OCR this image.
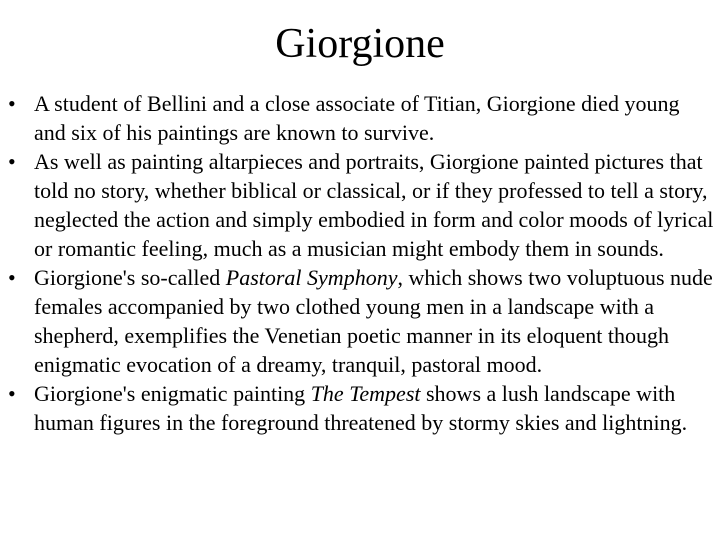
Giorgione
• A student of Bellini and a close associate of Titian, Giorgione died young and six of his paintings are known to survive.
• As well as painting altarpieces and portraits, Giorgione painted pictures that told no story, whether biblical or classical, or if they professed to tell a story, neglected the action and simply embodied in form and color moods of lyrical or romantic feeling, much as a musician might embody them in sounds.
• Giorgione's so-called Pastoral Symphony, which shows two voluptuous nude females accompanied by two clothed young men in a landscape with a shepherd, exemplifies the Venetian poetic manner in its eloquent though enigmatic evocation of a dreamy, tranquil, pastoral mood.
• Giorgione's enigmatic painting The Tempest shows a lush landscape with human figures in the foreground threatened by stormy skies and lightning.
